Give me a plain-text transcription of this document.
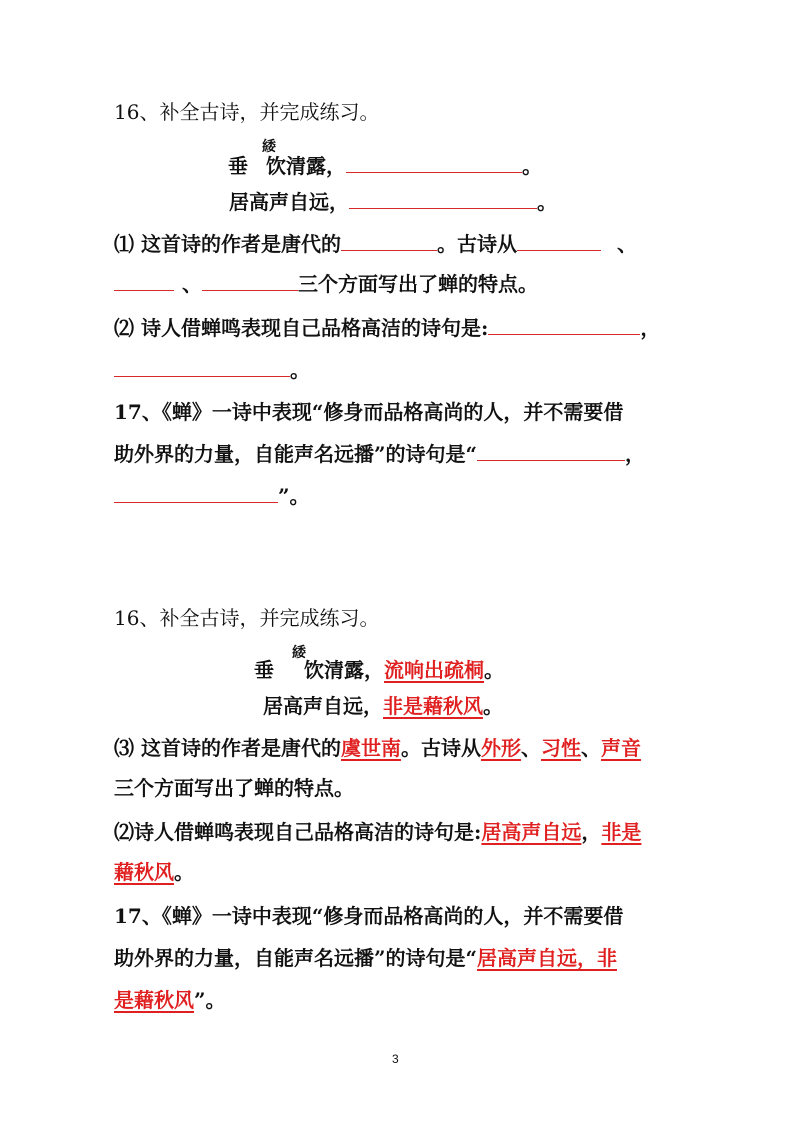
16、补全古诗，并完成练习。
垂 饮清露，	。
緌
居高声自远，	。
⑴ 这首诗的作者是唐代的	。古诗从	、
、	三个方面写出了蝉的特点。
⑵ 诗人借蝉鸣表现自己品格高洁的诗句是:	，
。
17、《蝉》一诗中表现“修身而品格高尚的人，并不需要借
助外界的力量，自能声名远播”的诗句是“	，
”。
16、补全古诗，并完成练习。
垂 饮清露，流响出疏桐。
緌
居高声自远，非是藉秋风。
⑶ 这首诗的作者是唐代的虞世南。古诗从外形、习性、声音
三个方面写出了蝉的特点。
⑵诗人借蝉鸣表现自己品格高洁的诗句是:居高声自远，非是
藉秋风。
17、《蝉》一诗中表现“修身而品格高尚的人，并不需要借
助外界的力量，自能声名远播”的诗句是“居高声自远，非
是藉秋风”。
3
